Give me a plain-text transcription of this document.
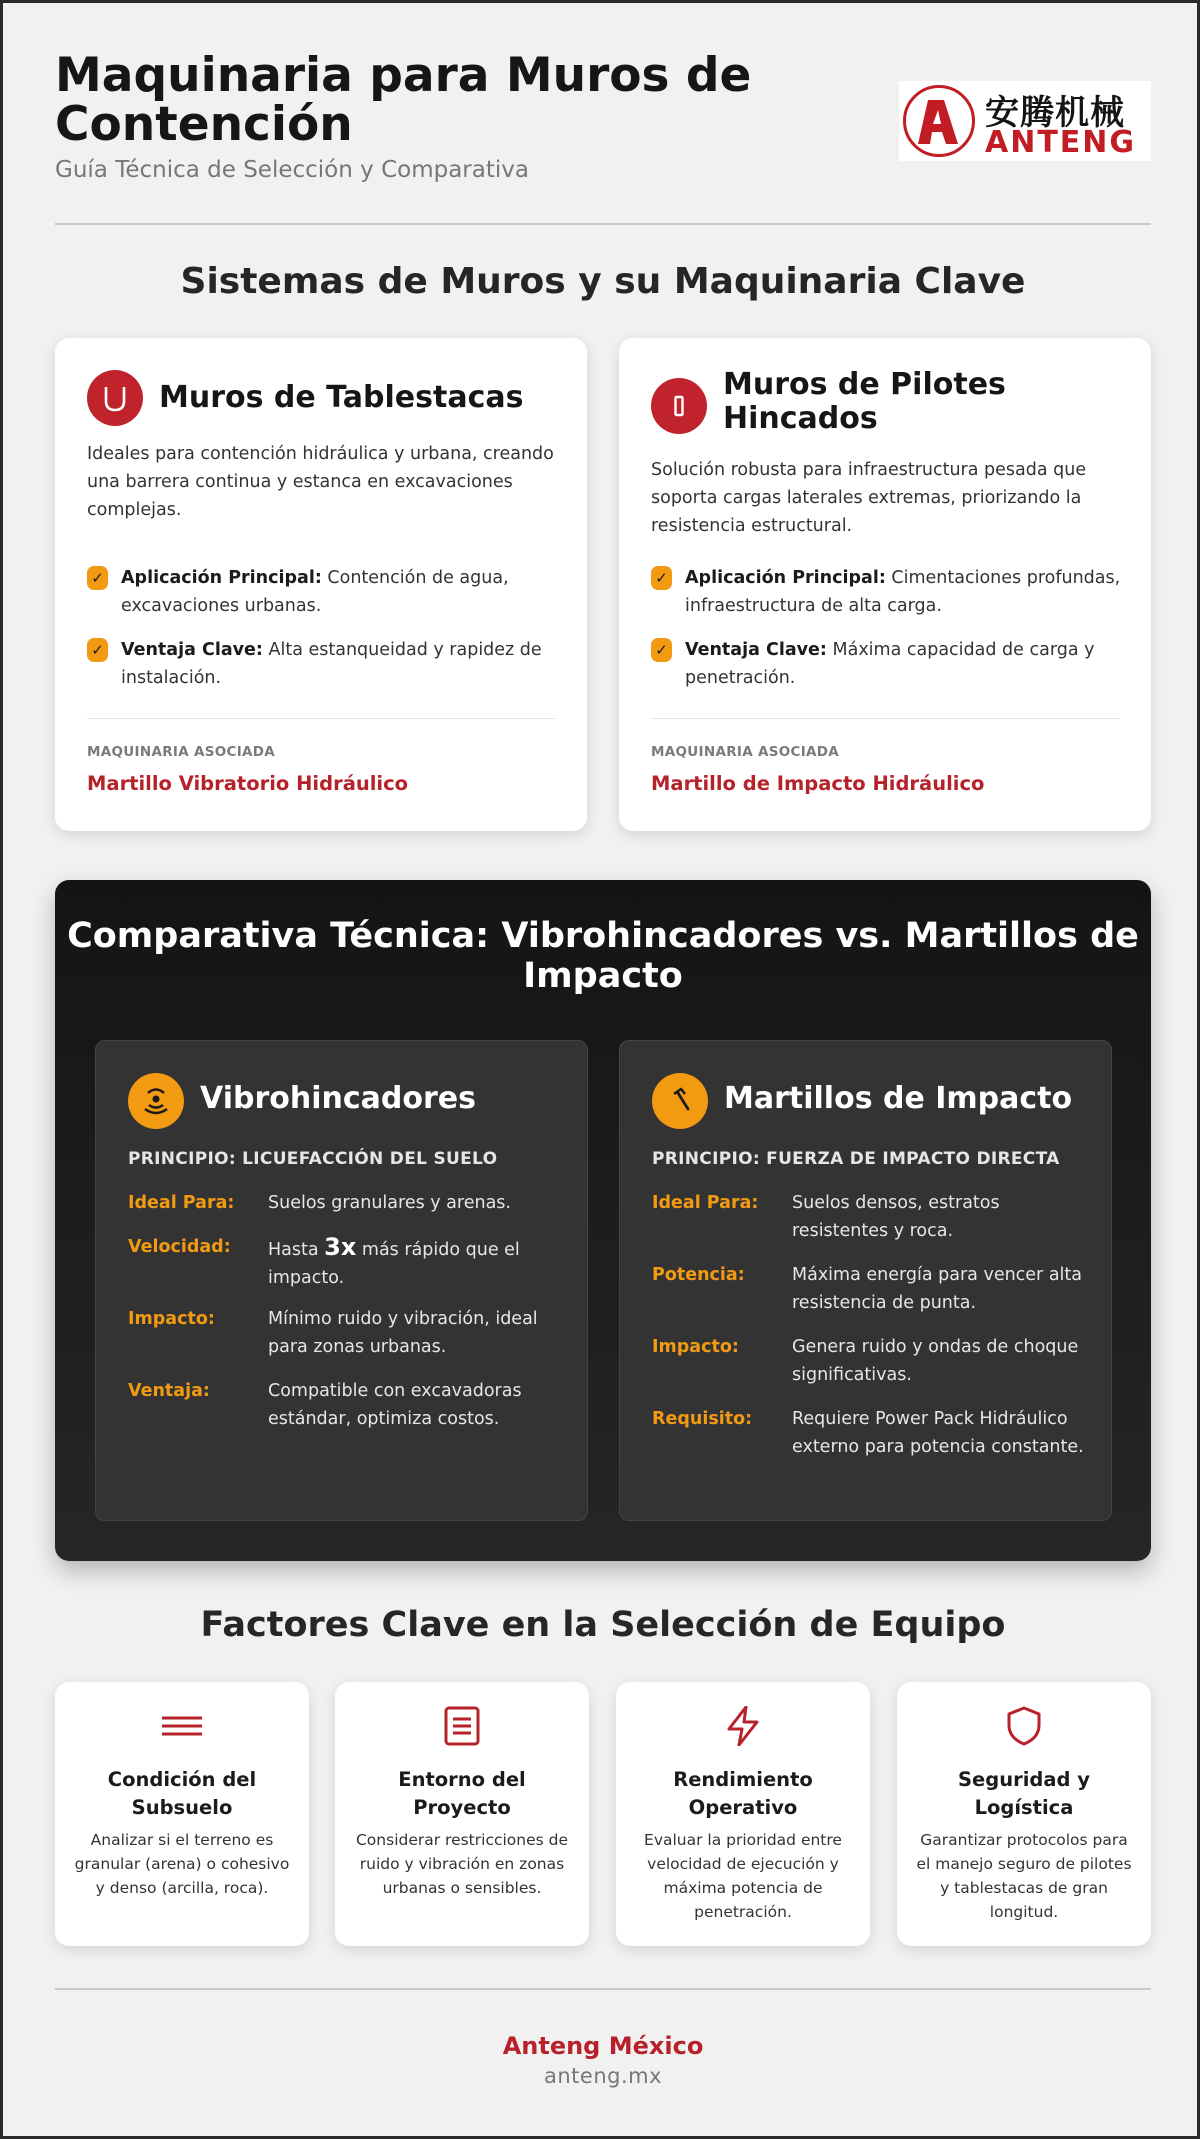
Maquinaria para Muros de Contención
Guía Técnica de Selección y Comparativa
安腾机械
ANTENG
Sistemas de Muros y su Maquinaria Clave
Muros de Tablestacas
Ideales para contención hidráulica y urbana, creando una barrera continua y estanca en excavaciones complejas.
✓ Aplicación Principal: Contención de agua, excavaciones urbanas.
✓ Ventaja Clave: Alta estanqueidad y rapidez de instalación.
MAQUINARIA ASOCIADA
Martillo Vibratorio Hidráulico
Muros de Pilotes Hincados
Solución robusta para infraestructura pesada que soporta cargas laterales extremas, priorizando la resistencia estructural.
✓ Aplicación Principal: Cimentaciones profundas, infraestructura de alta carga.
✓ Ventaja Clave: Máxima capacidad de carga y penetración.
MAQUINARIA ASOCIADA
Martillo de Impacto Hidráulico
Comparativa Técnica: Vibrohincadores vs. Martillos de Impacto
Vibrohincadores
PRINCIPIO: LICUEFACCIÓN DEL SUELO
Ideal Para: Suelos granulares y arenas.
Velocidad: Hasta 3x más rápido que el impacto.
Impacto:	Mínimo ruido y vibración, ideal para zonas urbanas.
Ventaja:	Compatible con excavadoras estándar, optimiza costos.
Martillos de Impacto
PRINCIPIO: FUERZA DE IMPACTO DIRECTA
Ideal Para: Suelos densos, estratos resistentes y roca.
Potencia:	Máxima energía para vencer alta resistencia de punta.
Impacto:	Genera ruido y ondas de choque significativas.
Requisito: Requiere Power Pack Hidráulico externo para potencia constante.
Factores Clave en la Selección de Equipo
Condición del Subsuelo
Analizar si el terreno es granular (arena) o cohesivo y denso (arcilla, roca).
Entorno del Proyecto
Considerar restricciones de ruido y vibración en zonas urbanas o sensibles.
Rendimiento Operativo
Evaluar la prioridad entre velocidad de ejecución y máxima potencia de penetración.
Seguridad y Logística
Garantizar protocolos para el manejo seguro de pilotes y tablestacas de gran longitud.
Anteng México
anteng.mx
